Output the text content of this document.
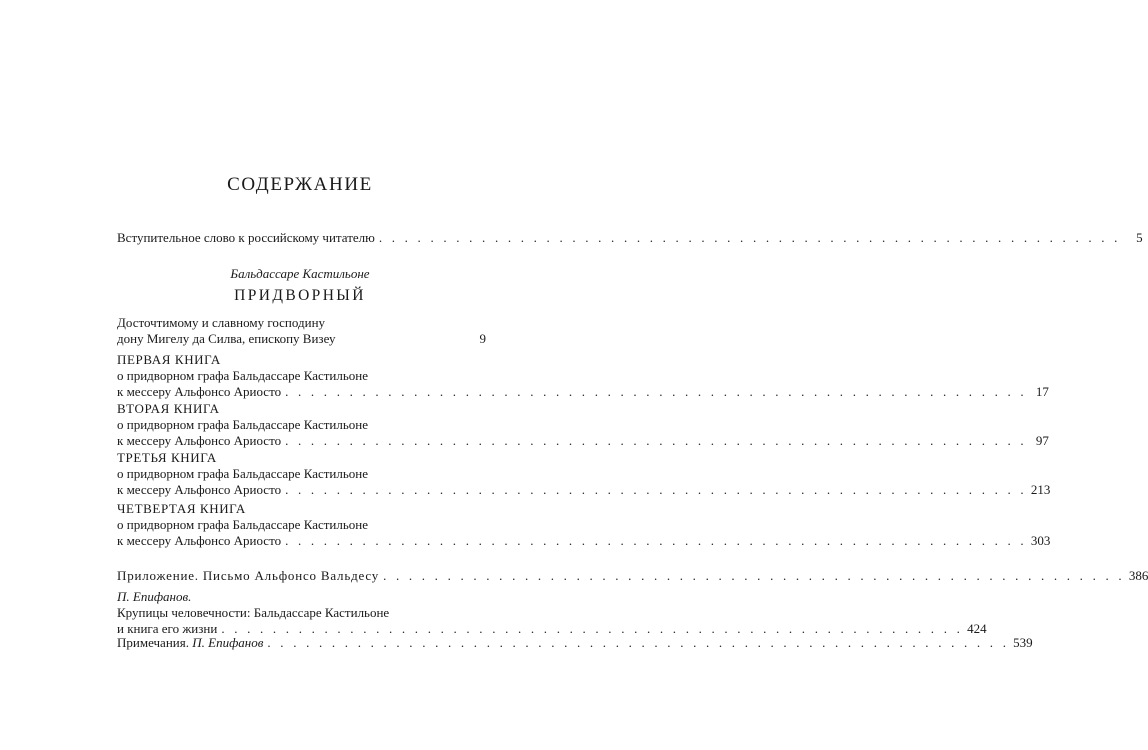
СОДЕРЖАНИЕ
Вступительное слово к российскому читателю . . . . . . . . . . . . . . . . . . . . . . . . . . . . . . . . . . . . . . . . . . . . . . . . . . . . . . . . . .	5
Бальдассаре Кастильоне
ПРИДВОРНЫЙ
Досточтимому и славному господину
дону Мигелу да Силва, епископу Визеу	9
ПЕРВАЯ КНИГА
о придворном графа Бальдассаре Кастильоне
к мессеру Альфонсо Ариосто . . . . . . . . . . . . . . . . . . . . . . . . . . . . . . . . . . . . . . . . . . . . . . . . . . . . . . . . . . 17
ВТОРАЯ КНИГА
о придворном графа Бальдассаре Кастильоне
к мессеру Альфонсо Ариосто . . . . . . . . . . . . . . . . . . . . . . . . . . . . . . . . . . . . . . . . . . . . . . . . . . . . . . . . . . 97
ТРЕТЬЯ КНИГА
о придворном графа Бальдассаре Кастильоне
к мессеру Альфонсо Ариосто . . . . . . . . . . . . . . . . . . . . . . . . . . . . . . . . . . . . . . . . . . . . . . . . . . . . . . . . . . 213
ЧЕТВЕРТАЯ КНИГА
о придворном графа Бальдассаре Кастильоне
к мессеру Альфонсо Ариосто . . . . . . . . . . . . . . . . . . . . . . . . . . . . . . . . . . . . . . . . . . . . . . . . . . . . . . . . . . 303
Приложение. Письмо Альфонсо Вальдесу . . . . . . . . . . . . . . . . . . . . . . . . . . . . . . . . . . . . . . . . . . . . . . . . . . . . . . . . . . 386
П. Епифанов.
Крупицы человечности: Бальдассаре Кастильоне
и книга его жизни . . . . . . . . . . . . . . . . . . . . . . . . . . . . . . . . . . . . . . . . . . . . . . . . . . . . . . . . . . 424
Примечания. П. Епифанов . . . . . . . . . . . . . . . . . . . . . . . . . . . . . . . . . . . . . . . . . . . . . . . . . . . . . . . . . . 539
